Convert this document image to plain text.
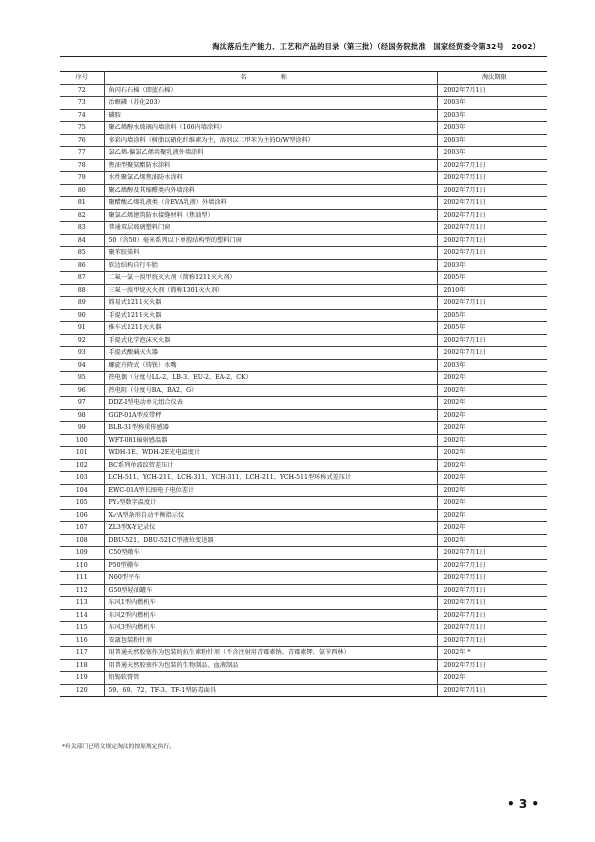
淘汰落后生产能力、工艺和产品的目录（第三批）（经国务院批准　国家经贸委令第32号　2002）
序号	名　称	淘汰期限
72	角闪石石棉（即蓝石棉）	2002年7月1日
73	治螟磷（苏化203）	2003年
74	磷胺	2003年
75	聚乙烯醇水玻璃内墙涂料（106内墙涂料）	2003年
76	多彩内墙涂料（树脂以硝化纤维素为主，溶剂以二甲苯为主的O/W型涂料）	2003年
77	氯乙烯-偏氯乙烯共聚乳液外墙涂料	2003年
78	焦油型聚氨酯防水涂料	2002年7月1日
79	水性聚氯乙烯焦油防水涂料	2002年7月1日
80	聚乙烯醇及其缩醛类内外墙涂料	2002年7月1日
81	聚醋酸乙烯乳液类（含EVA乳液）外墙涂料	2002年7月1日
82	聚氯乙烯建筑防水接缝材料（焦油型）	2002年7月1日
83	普通双层玻璃塑料门窗	2002年7月1日
84	50（含50）毫米系列以下单腔结构型的塑料门窗	2002年7月1日
85	聚苯胶染料	2002年7月1日
86	软边结构自行车胎	2003年
87	二氟一氯一溴甲烷灭火剂（简称1211灭火剂）	2005年
88	三氟一溴甲烷灭火剂（简称1301灭火剂）	2010年
89	简易式1211灭火器	2002年7月1日
90	手提式1211灭火器	2005年
91	推车式1211灭火器	2005年
92	手提式化学泡沫灭火器	2002年7月1日
93	手提式酸碱灭火器	2002年7月1日
94	螺旋升降式（铸铁）水嘴	2003年
95	热电偶（分度号LL-2、LB-3、EU-2、EA-2、CK）	2002年
96	热电阻（分度号BA、BA2、G）	2002年
97	DDZ-Ⅰ型电动单元组合仪表	2002年
98	GGP-01A型皮带秤	2002年
99	BLR-31型称重传感器	2002年
100	WFT-081辐射感温器	2002年
101	WDH-1E、WDH-2E光电温度计	2002年
102	BC系列单波纹管差压计	2002年
103	LCH-511、YCH-211、LCH-311、YCH-311、LCH-211、YCH-511型环称式差压计	2002年
104	EWC-01A型长图电子电位差计	2002年
105	PY₂型数字温度计	2002年
106	X₀⁰A型条形自动平衡指示仪	2002年
107	ZL3型X-Y记录仪	2002年
108	DBU-521、DBU-521C型液位变送器	2002年
109	C50型敞车	2002年7月1日
110	P50型棚车	2002年7月1日
111	N60型平车	2002年7月1日
112	G50型轻油罐车	2002年7月1日
113	东风1型内燃机车	2002年7月1日
114	东风2型内燃机车	2002年7月1日
115	东风3型内燃机车	2002年7月1日
116	安瓿包装粉针剂	2002年7月1日
117	用普通天然胶塞作为包装的抗生素粉针剂（不含注射用青霉素钠、青霉素钾、氨苄西林）	2002年 *
118	用普通天然胶塞作为包装的生物制品、血液制品	2002年7月1日
119	铅锡软膏管	2002年
120	59、69、72、TF-3、TF-1型防毒面具	2002年7月1日
*有关部门已明文规定淘汰的按原规定执行。
• 3 •
